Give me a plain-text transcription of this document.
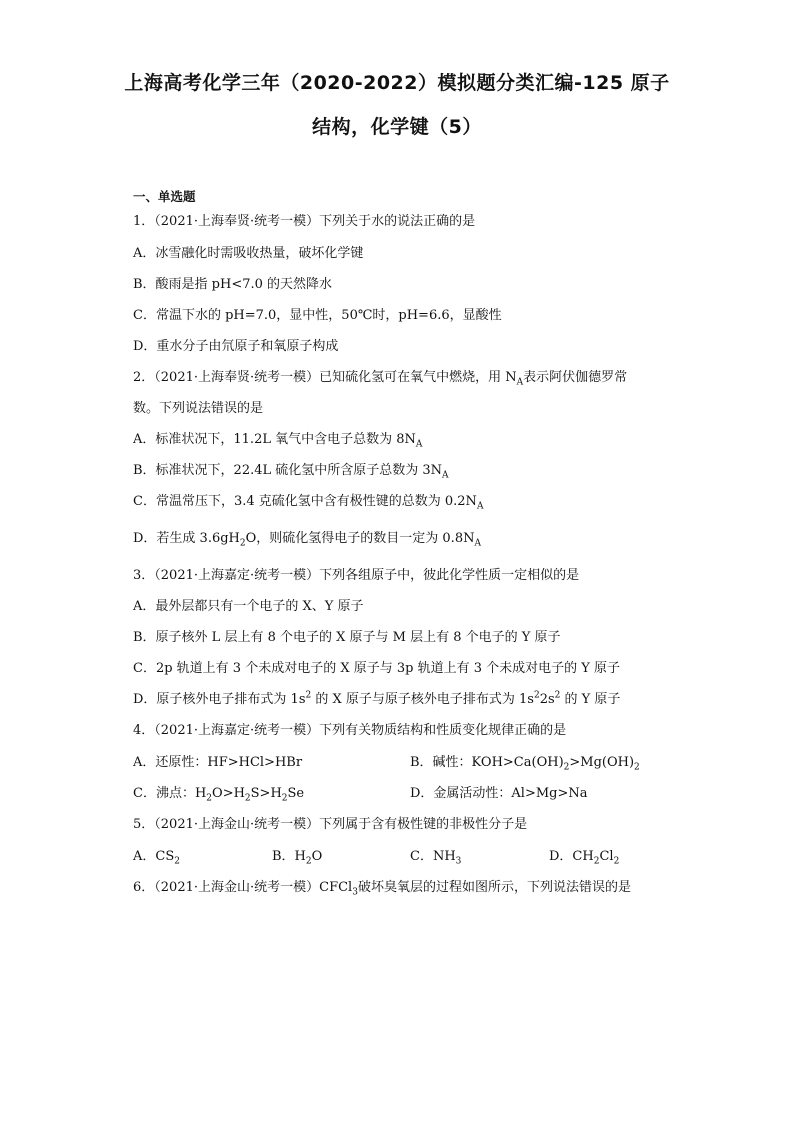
上海高考化学三年（2020-2022）模拟题分类汇编-125 原子
结构，化学键（5）
一、单选题
1．（2021·上海奉贤·统考一模）下列关于水的说法正确的是
A．冰雪融化时需吸收热量，破坏化学键
B．酸雨是指 pH<7.0 的天然降水
C．常温下水的 pH=7.0，显中性，50℃时，pH=6.6，显酸性
D．重水分子由氘原子和氧原子构成
2．（2021·上海奉贤·统考一模）已知硫化氢可在氧气中燃烧，用 $N_A$表示阿伏伽德罗常
数。下列说法错误的是
A．标准状况下，11.2L 氧气中含电子总数为 $8N_A$
B．标准状况下，22.4L 硫化氢中所含原子总数为 $3N_A$
C．常温常压下，3.4 克硫化氢中含有极性键的总数为 $0.2N_A$
D．若生成 $3.6gH_2O$，则硫化氢得电子的数目一定为 $0.8N_A$
3．（2021·上海嘉定·统考一模）下列各组原子中，彼此化学性质一定相似的是
A．最外层都只有一个电子的 X、Y 原子
B．原子核外 L 层上有 8 个电子的 X 原子与 M 层上有 8 个电子的 Y 原子
C．2p 轨道上有 3 个未成对电子的 X 原子与 3p 轨道上有 3 个未成对电子的 Y 原子
D．原子核外电子排布式为 $1s^2$ 的 X 原子与原子核外电子排布式为 $1s^22s^2$ 的 Y 原子
4．（2021·上海嘉定·统考一模）下列有关物质结构和性质变化规律正确的是
A．还原性：HF>HCl>HBr	B．碱性：$KOH>Ca(OH)_2>Mg(OH)_2$
C．沸点：$H_2O>H_2S>H_2Se$	D．金属活动性：Al>Mg>Na
5．（2021·上海金山·统考一模）下列属于含有极性键的非极性分子是
A．$CS_2$	B．$H_2O$	C．$NH_3$	D．$CH_2Cl_2$
6．（2021·上海金山·统考一模）CFCl$_3$破坏臭氧层的过程如图所示，下列说法错误的是
